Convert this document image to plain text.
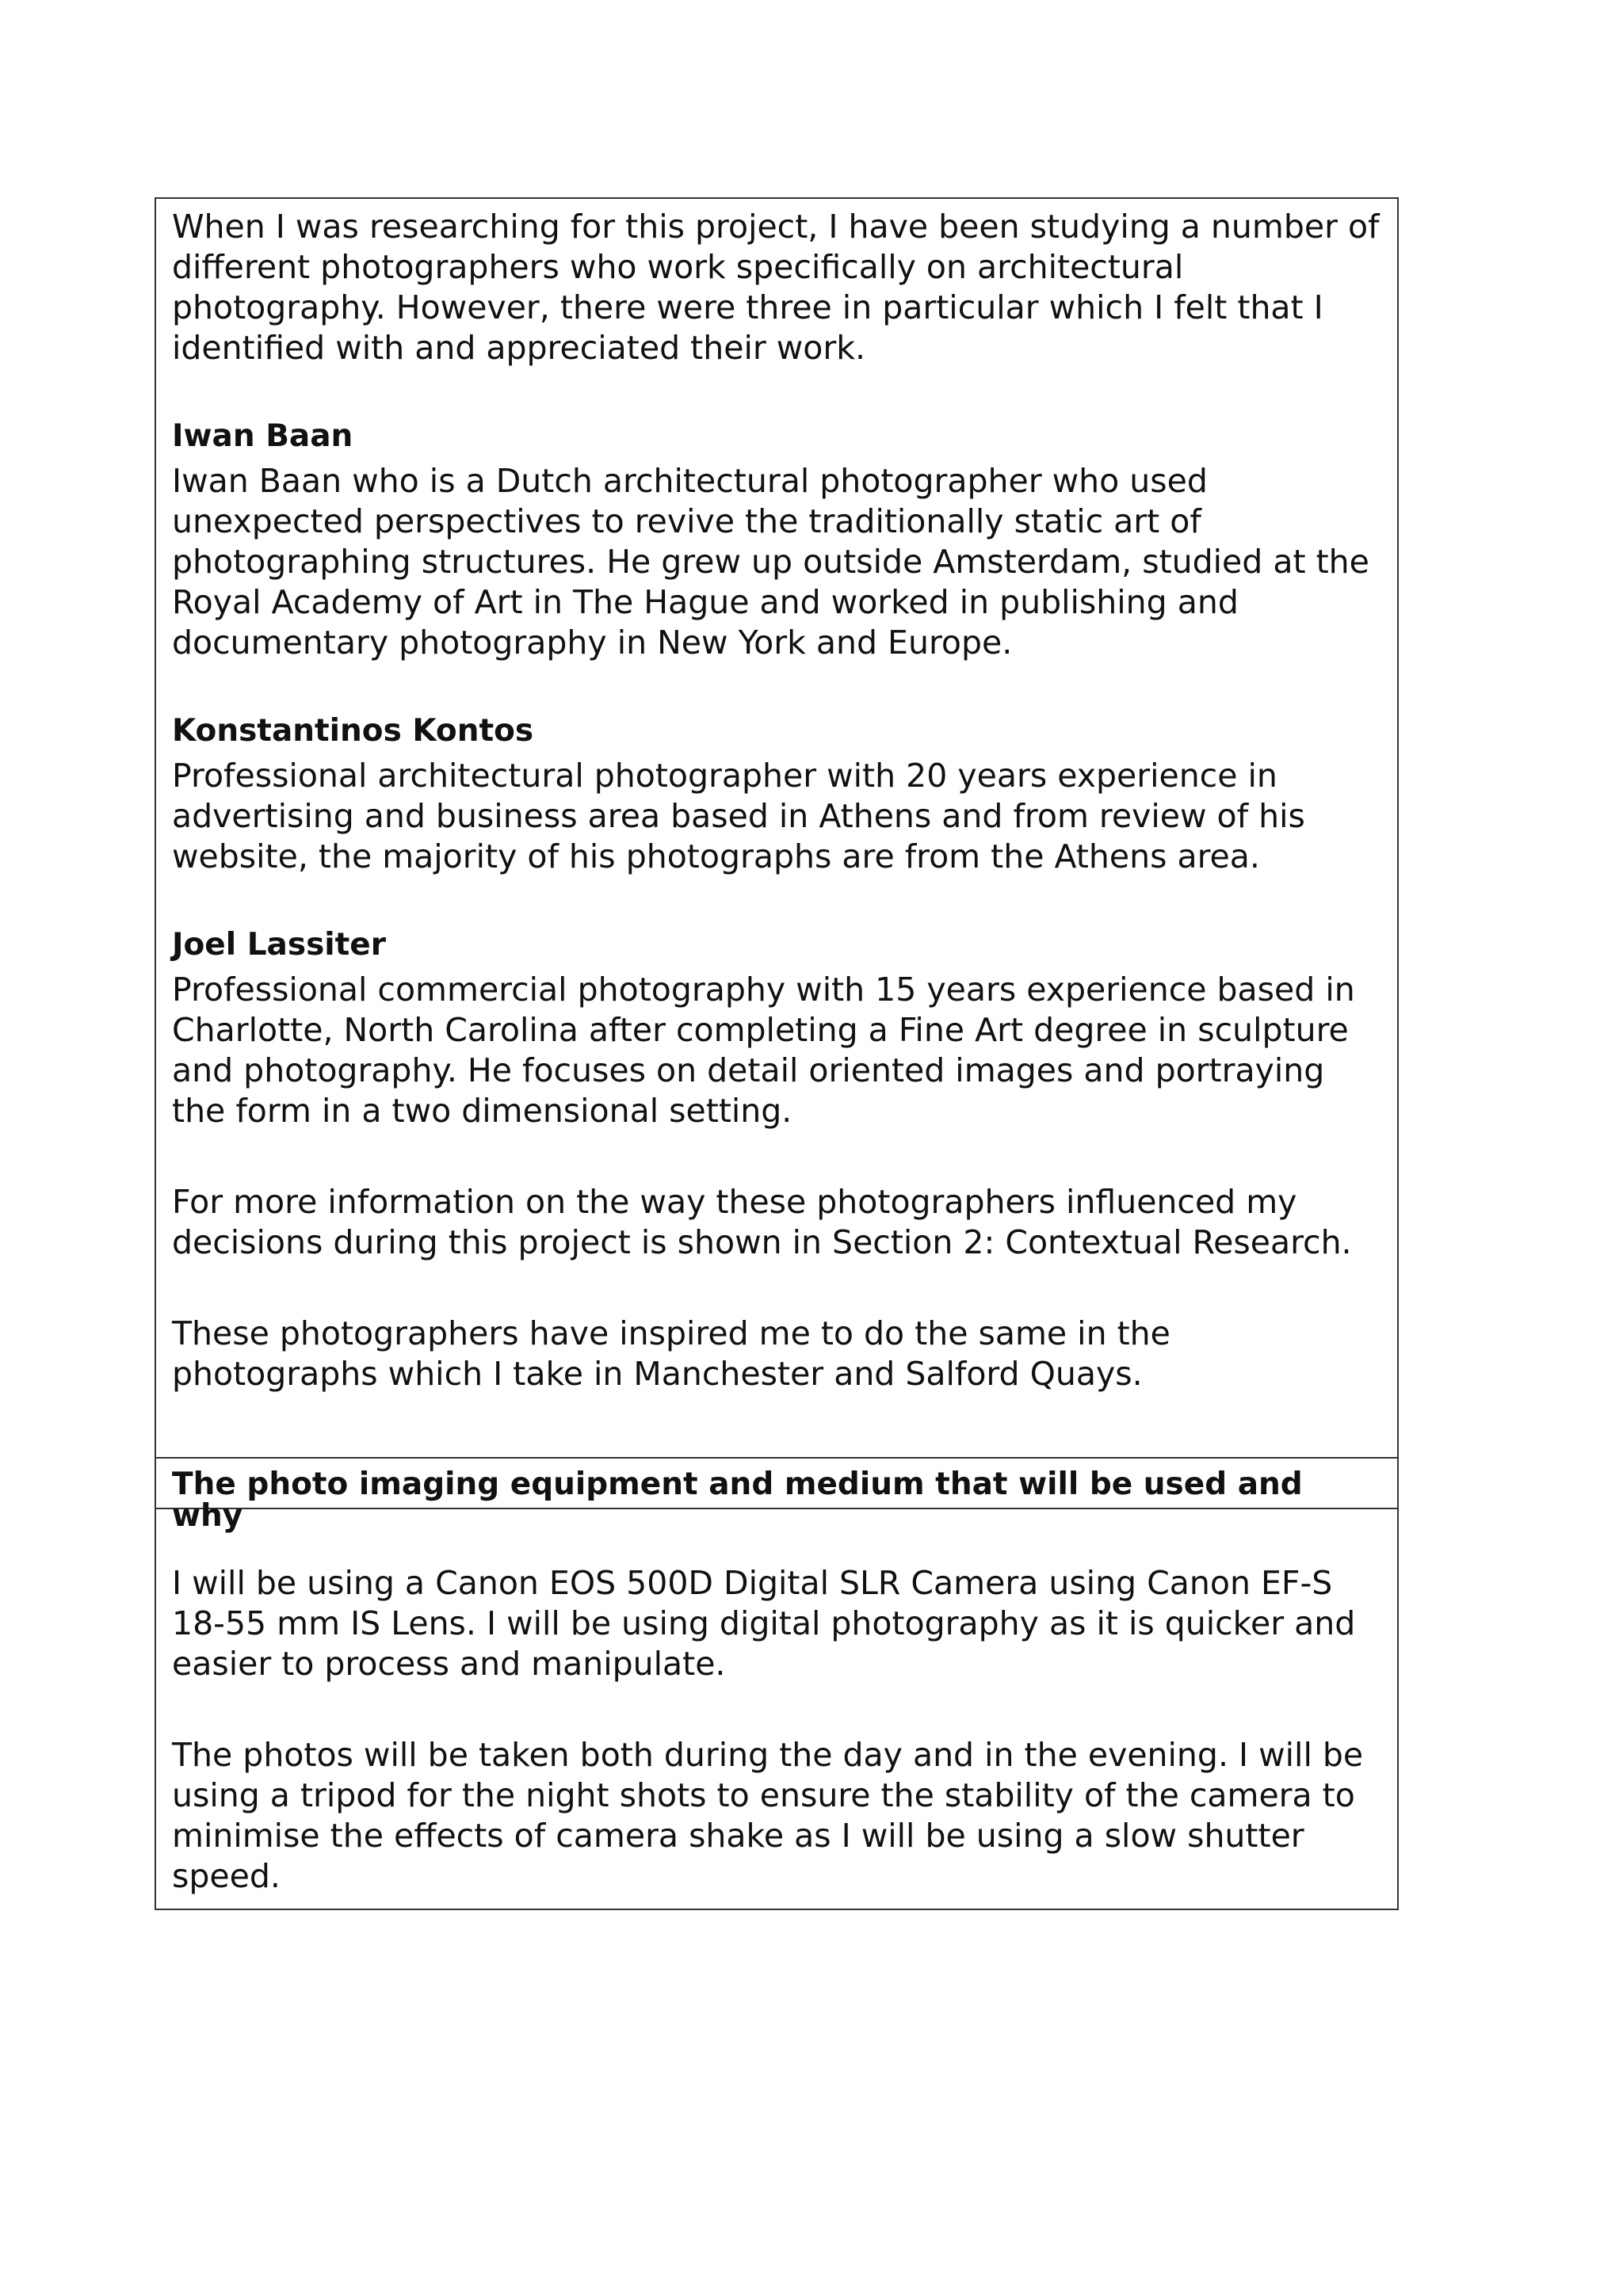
When I was researching for this project, I have been studying a number of different photographers who work specifically on architectural photography. However, there were three in particular which I felt that I identified with and appreciated their work.

Iwan Baan

Iwan Baan who is a Dutch architectural photographer who used unexpected perspectives to revive the traditionally static art of photographing structures. He grew up outside Amsterdam, studied at the Royal Academy of Art in The Hague and worked in publishing and documentary photography in New York and Europe.

Konstantinos Kontos

Professional architectural photographer with 20 years experience in advertising and business area based in Athens and from review of his website, the majority of his photographs are from the Athens area.

Joel Lassiter

Professional commercial photography with 15 years experience based in Charlotte, North Carolina after completing a Fine Art degree in sculpture and photography. He focuses on detail oriented images and portraying the form in a two dimensional setting.

For more information on the way these photographers influenced my decisions during this project is shown in Section 2: Contextual Research.

These photographers have inspired me to do the same in the photographs which I take in Manchester and Salford Quays.

The photo imaging equipment and medium that will be used and why

I will be using a Canon EOS 500D Digital SLR Camera using Canon EF-S 18-55 mm IS Lens. I will be using digital photography as it is quicker and easier to process and manipulate.

The photos will be taken both during the day and in the evening. I will be using a tripod for the night shots to ensure the stability of the camera to minimise the effects of camera shake as I will be using a slow shutter speed.
